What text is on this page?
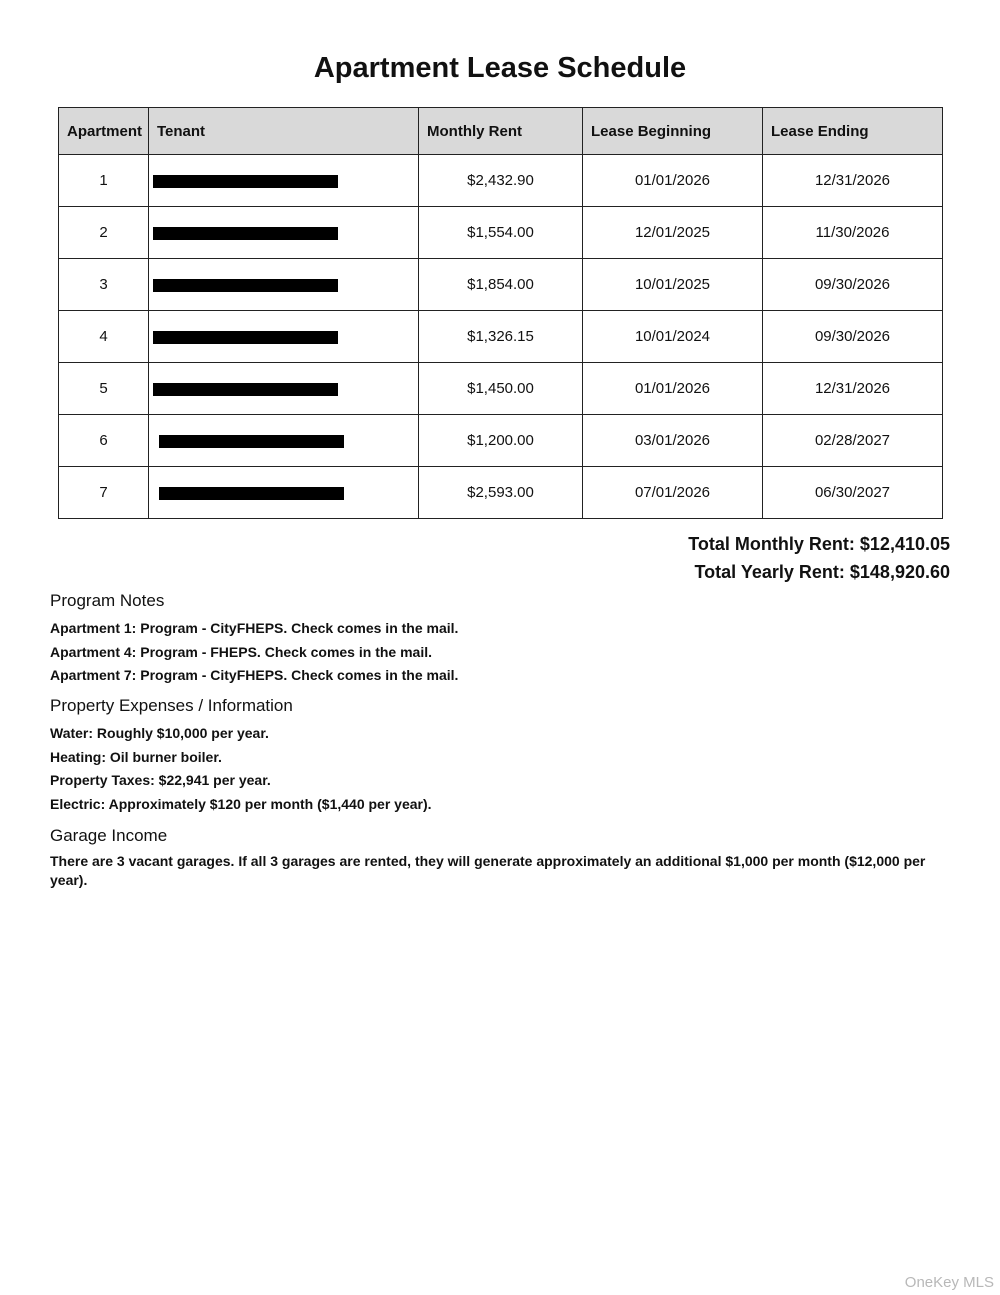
Apartment Lease Schedule
Apartment	Tenant	Monthly Rent	Lease Beginning	Lease Ending
1		$2,432.90	01/01/2026	12/31/2026
2		$1,554.00	12/01/2025	11/30/2026
3		$1,854.00	10/01/2025	09/30/2026
4		$1,326.15	10/01/2024	09/30/2026
5		$1,450.00	01/01/2026	12/31/2026
6		$1,200.00	03/01/2026	02/28/2027
7		$2,593.00	07/01/2026	06/30/2027
Total Monthly Rent: $12,410.05
Total Yearly Rent: $148,920.60
Program Notes

Apartment 1: Program - CityFHEPS. Check comes in the mail.

Apartment 4: Program - FHEPS. Check comes in the mail.

Apartment 7: Program - CityFHEPS. Check comes in the mail.

Property Expenses / Information

Water: Roughly $10,000 per year.

Heating: Oil burner boiler.

Property Taxes: $22,941 per year.

Electric: Approximately $120 per month ($1,440 per year).

Garage Income

There are 3 vacant garages. If all 3 garages are rented, they will generate approximately an additional $1,000 per month ($12,000 per year).

OneKey MLS
